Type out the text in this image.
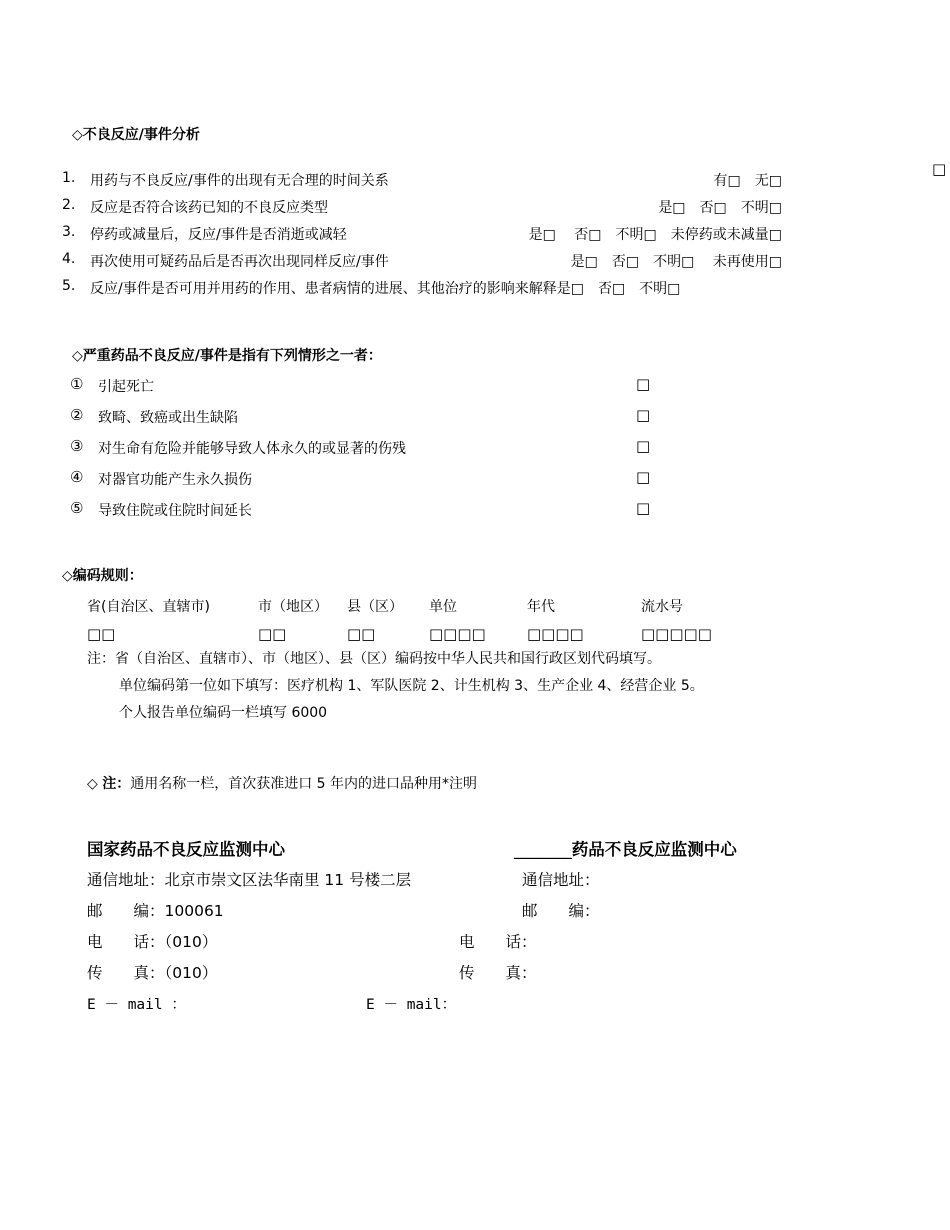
□
◇不良反应/事件分析
1. 用药与不良反应/事件的出现有无合理的时间关系	有□　无□
2. 反应是否符合该药已知的不良反应类型	是□　否□　不明□
3. 停药或减量后，反应/事件是否消逝或减轻	是□　 否□　不明□　未停药或未减量□
4. 再次使用可疑药品后是否再次出现同样反应/事件	是□　否□　不明□　 未再使用□
5. 反应/事件是否可用并用药的作用、患者病情的进展、其他治疗的影响来解释是□　否□　不明□
◇严重药品不良反应/事件是指有下列情形之一者：
① 引起死亡	□
② 致畸、致癌或出生缺陷	□
③ 对生命有危险并能够导致人体永久的或显著的伤残	□
④ 对器官功能产生永久损伤	□
⑤ 导致住院或住院时间延长	□
◇编码规则：
省(自治区、直辖市)	市（地区） 县（区） 单位	年代	流水号
□□	□□	□□	□□□□	□□□□	□□□□□
注：省（自治区、直辖市）、市（地区）、县（区）编码按中华人民共和国行政区划代码填写。
单位编码第一位如下填写：医疗机构 1、军队医院 2、计生机构 3、生产企业 4、经营企业 5。
个人报告单位编码一栏填写 6000
◇ 注：通用名称一栏，首次获准进口 5 年内的进口品种用*注明
国家药品不良反应监测中心
通信地址：北京市崇文区法华南里 11 号楼二层
邮　　编：100061
电　　话：（010）
传　　真：（010）
E － mail ：
_______药品不良反应监测中心
通信地址：
邮　　编：
电　　话：
传　　真：
E － mail：
